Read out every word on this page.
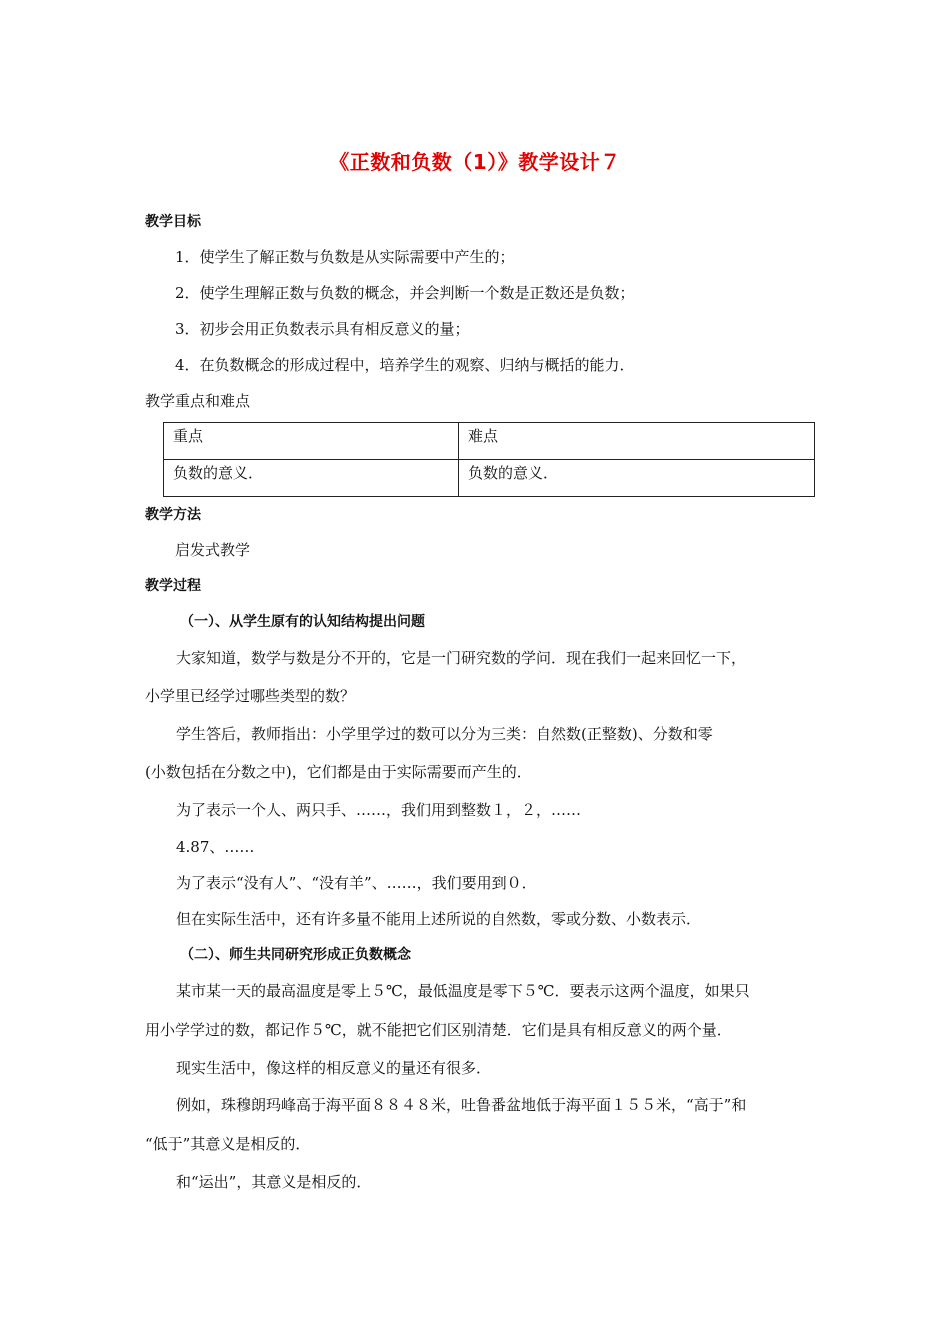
《正数和负数（1）》教学设计７
教学目标
1．使学生了解正数与负数是从实际需要中产生的；
2．使学生理解正数与负数的概念，并会判断一个数是正数还是负数；
3．初步会用正负数表示具有相反意义的量；
4．在负数概念的形成过程中，培养学生的观察、归纳与概括的能力．
教学重点和难点
重点	难点
负数的意义．	负数的意义．
教学方法
启发式教学
教学过程
（一）、从学生原有的认知结构提出问题
大家知道，数学与数是分不开的，它是一门研究数的学问．现在我们一起来回忆一下，
小学里已经学过哪些类型的数？
学生答后，教师指出：小学里学过的数可以分为三类：自然数(正整数)、分数和零
(小数包括在分数之中)，它们都是由于实际需要而产生的．
为了表示一个人、两只手、……，我们用到整数１，２，……
4.87、……
为了表示“没有人”、“没有羊”、……，我们要用到０．
但在实际生活中，还有许多量不能用上述所说的自然数，零或分数、小数表示．
（二）、师生共同研究形成正负数概念
某市某一天的最高温度是零上５℃，最低温度是零下５℃．要表示这两个温度，如果只
用小学学过的数，都记作５℃，就不能把它们区别清楚．它们是具有相反意义的两个量．
现实生活中，像这样的相反意义的量还有很多．
例如，珠穆朗玛峰高于海平面８８４８米，吐鲁番盆地低于海平面１５５米，“高于”和
“低于”其意义是相反的．
和“运出”，其意义是相反的．
